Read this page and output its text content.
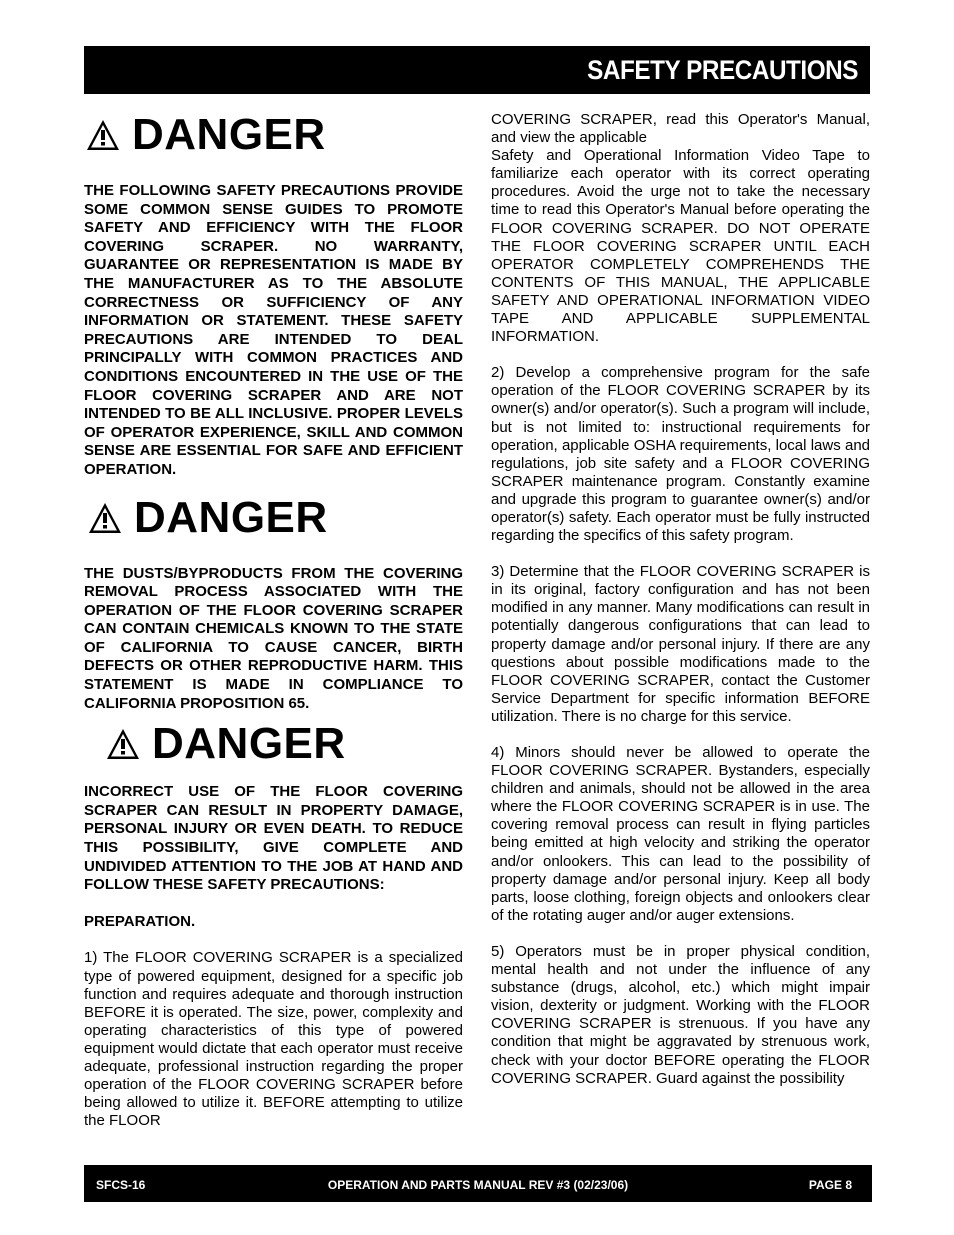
SAFETY PRECAUTIONS
DANGER

THE FOLLOWING SAFETY PRECAUTIONS PROVIDE SOME COMMON SENSE GUIDES TO PROMOTE SAFETY AND EFFICIENCY WITH THE FLOOR COVERING SCRAPER. NO WARRANTY, GUARANTEE OR REPRESENTATION IS MADE BY THE MANUFACTURER AS TO THE ABSOLUTE CORRECTNESS OR SUFFICIENCY OF ANY INFORMATION OR STATEMENT. THESE SAFETY PRECAUTIONS ARE INTENDED TO DEAL PRINCIPALLY WITH COMMON PRACTICES AND CONDITIONS ENCOUNTERED IN THE USE OF THE FLOOR COVERING SCRAPER AND ARE NOT INTENDED TO BE ALL INCLUSIVE. PROPER LEVELS OF OPERATOR EXPERIENCE, SKILL AND COMMON SENSE ARE ESSENTIAL FOR SAFE AND EFFICIENT OPERATION.

DANGER

THE DUSTS/BYPRODUCTS FROM THE COVERING REMOVAL PROCESS ASSOCIATED WITH THE OPERATION OF THE FLOOR COVERING SCRAPER CAN CONTAIN CHEMICALS KNOWN TO THE STATE OF CALIFORNIA TO CAUSE CANCER, BIRTH DEFECTS OR OTHER REPRODUCTIVE HARM. THIS STATEMENT IS MADE IN COMPLIANCE TO CALIFORNIA PROPOSITION 65.

DANGER

INCORRECT USE OF THE FLOOR COVERING SCRAPER CAN RESULT IN PROPERTY DAMAGE, PERSONAL INJURY OR EVEN DEATH. TO REDUCE THIS POSSIBILITY, GIVE COMPLETE AND UNDIVIDED ATTENTION TO THE JOB AT HAND AND FOLLOW THESE SAFETY PRECAUTIONS:

PREPARATION.

1) The FLOOR COVERING SCRAPER is a specialized type of powered equipment, designed for a specific job function and requires adequate and thorough instruction BEFORE it is operated. The size, power, complexity and operating characteristics of this type of powered equipment would dictate that each operator must receive adequate, professional instruction regarding the proper operation of the FLOOR COVERING SCRAPER before being allowed to utilize it. BEFORE attempting to utilize the FLOOR

COVERING SCRAPER, read this Operator's Manual, and view the applicable
Safety and Operational Information Video Tape to familiarize each operator with its correct operating procedures. Avoid the urge not to take the necessary time to read this Operator's Manual before operating the FLOOR COVERING SCRAPER. DO NOT OPERATE THE FLOOR COVERING SCRAPER UNTIL EACH OPERATOR COMPLETELY COMPREHENDS THE CONTENTS OF THIS MANUAL, THE APPLICABLE SAFETY AND OPERATIONAL INFORMATION VIDEO TAPE AND APPLICABLE SUPPLEMENTAL INFORMATION.

2) Develop a comprehensive program for the safe operation of the FLOOR COVERING SCRAPER by its owner(s) and/or operator(s). Such a program will include, but is not limited to: instructional requirements for operation, applicable OSHA requirements, local laws and regulations, job site safety and a FLOOR COVERING SCRAPER maintenance program. Constantly examine and upgrade this program to guarantee owner(s) and/or operator(s) safety. Each operator must be fully instructed regarding the specifics of this safety program.

3) Determine that the FLOOR COVERING SCRAPER is in its original, factory configuration and has not been modified in any manner. Many modifications can result in potentially dangerous configurations that can lead to property damage and/or personal injury. If there are any questions about possible modifications made to the FLOOR COVERING SCRAPER, contact the Customer Service Department for specific information BEFORE utilization. There is no charge for this service.

4) Minors should never be allowed to operate the FLOOR COVERING SCRAPER. Bystanders, especially children and animals, should not be allowed in the area where the FLOOR COVERING SCRAPER is in use. The covering removal process can result in flying particles being emitted at high velocity and striking the operator and/or onlookers. This can lead to the possibility of property damage and/or personal injury. Keep all body parts, loose clothing, foreign objects and onlookers clear of the rotating auger and/or auger extensions.

5) Operators must be in proper physical condition, mental health and not under the influence of any substance (drugs, alcohol, etc.) which might impair vision, dexterity or judgment. Working with the FLOOR COVERING SCRAPER is strenuous. If you have any condition that might be aggravated by strenuous work, check with your doctor BEFORE operating the FLOOR COVERING SCRAPER. Guard against the possibility

OPERATION AND PARTS MANUAL REV #3 (02/23/06)
SFCS-16	PAGE 8
